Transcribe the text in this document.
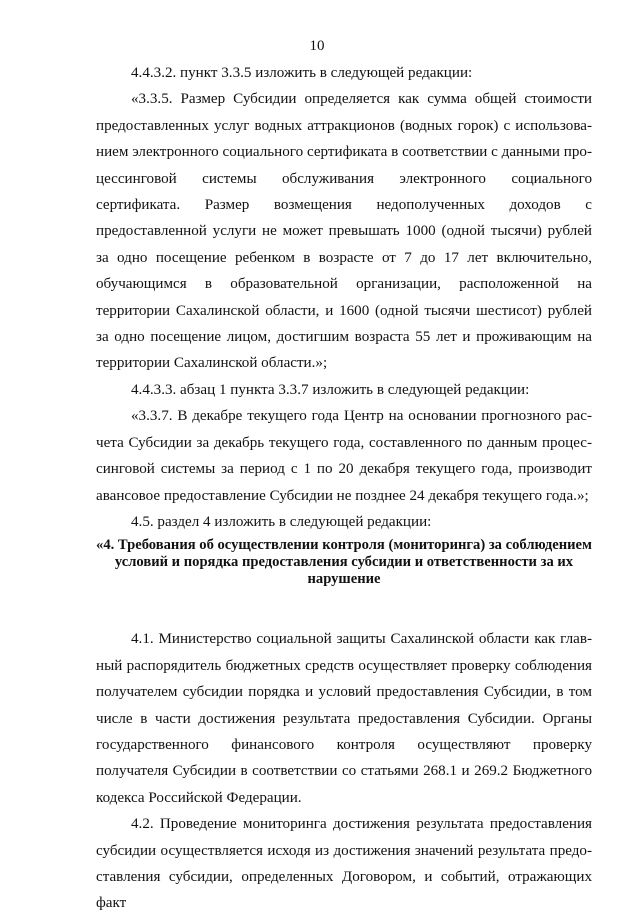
10

4.4.3.2. пункт 3.3.5 изложить в следующей редакции:

«3.3.5. Размер Субсидии определяется как сумма общей стоимости предоставленных услуг водных аттракционов (водных горок) с использованием электронного социального сертификата в соответствии с данными процессинговой системы обслуживания электронного социального сертификата. Размер возмещения недополученных доходов с предоставленной услуги не может превышать 1000 (одной тысячи) рублей за одно посещение ребенком в возрасте от 7 до 17 лет включительно, обучающимся в образовательной организации, расположенной на территории Сахалинской области, и 1600 (одной тысячи шестисот) рублей за одно посещение лицом, достигшим возраста 55 лет и проживающим на территории Сахалинской области.»;

4.4.3.3. абзац 1 пункта 3.3.7 изложить в следующей редакции:

«3.3.7. В декабре текущего года Центр на основании прогнозного расчета Субсидии за декабрь текущего года, составленного по данным процессинговой системы за период с 1 по 20 декабря текущего года, производит авансовое предоставление Субсидии не позднее 24 декабря текущего года.»;

4.5. раздел 4 изложить в следующей редакции:

«4. Требования об осуществлении контроля (мониторинга) за соблюдением условий и порядка предоставления субсидии и ответственности за их нарушение

4.1. Министерство социальной защиты Сахалинской области как главный распорядитель бюджетных средств осуществляет проверку соблюдения получателем субсидии порядка и условий предоставления Субсидии, в том числе в части достижения результата предоставления Субсидии. Органы государственного финансового контроля осуществляют проверку получателя Субсидии в соответствии со статьями 268.1 и 269.2 Бюджетного кодекса Российской Федерации.

4.2. Проведение мониторинга достижения результата предоставления субсидии осуществляется исходя из достижения значений результата предоставления субсидии, определенных Договором, и событий, отражающих факт
